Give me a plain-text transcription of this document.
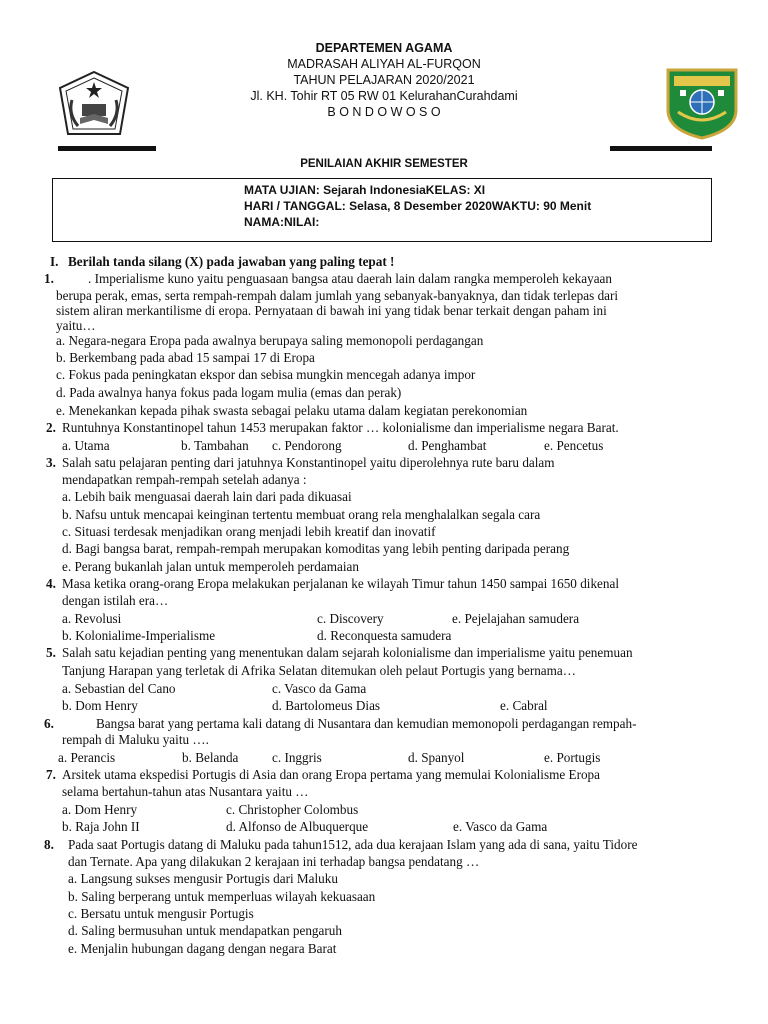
DEPARTEMEN AGAMA
MADRASAH ALIYAH AL-FURQON
TAHUN PELAJARAN 2020/2021
Jl. KH. Tohir RT 05 RW 01 KelurahanCurahdami
B O N D O W O S O
PENILAIAN AKHIR SEMESTER
MATA UJIAN: Sejarah IndonesiaKELAS: XI
HARI / TANGGAL: Selasa, 8 Desember 2020WAKTU: 90 Menit
NAMA:NILAI:
I. Berilah tanda silang (X) pada jawaban yang paling tepat !
1.	. Imperialisme kuno yaitu penguasaan bangsa atau daerah lain dalam rangka memperoleh kekayaan
berupa perak, emas, serta rempah-rempah dalam jumlah yang sebanyak-banyaknya, dan tidak terlepas dari
sistem aliran merkantilisme di eropa. Pernyataan di bawah ini yang tidak benar terkait dengan paham ini
yaitu…
a. Negara-negara Eropa pada awalnya berupaya saling memonopoli perdagangan
b. Berkembang pada abad 15 sampai 17 di Eropa
c. Fokus pada peningkatan ekspor dan sebisa mungkin mencegah adanya impor
d. Pada awalnya hanya fokus pada logam mulia (emas dan perak)
e. Menekankan kepada pihak swasta sebagai pelaku utama dalam kegiatan perekonomian
2. Runtuhnya Konstantinopel tahun 1453 merupakan faktor … kolonialisme dan imperialisme negara Barat.
a. Utama	b. Tambahan c. Pendorong	d. Penghambat	e. Pencetus
3. Salah satu pelajaran penting dari jatuhnya Konstantinopel yaitu diperolehnya rute baru dalam
mendapatkan rempah-rempah setelah adanya :
a. Lebih baik menguasai daerah lain dari pada dikuasai
b. Nafsu untuk mencapai keinginan tertentu membuat orang rela menghalalkan segala cara
c. Situasi terdesak menjadikan orang menjadi lebih kreatif dan inovatif
d. Bagi bangsa barat, rempah-rempah merupakan komoditas yang lebih penting daripada perang
e. Perang bukanlah jalan untuk memperoleh perdamaian
4. Masa ketika orang-orang Eropa melakukan perjalanan ke wilayah Timur tahun 1450 sampai 1650 dikenal
dengan istilah era…
a. Revolusi	c. Discovery	e. Pejelajahan samudera
b. Kolonialime-Imperialisme	d. Reconquesta samudera
5. Salah satu kejadian penting yang menentukan dalam sejarah kolonialisme dan imperialisme yaitu penemuan
Tanjung Harapan yang terletak di Afrika Selatan ditemukan oleh pelaut Portugis yang bernama…
a. Sebastian del Cano	c. Vasco da Gama
b. Dom Henry	d. Bartolomeus Dias	e. Cabral
6.	Bangsa barat yang pertama kali datang di Nusantara dan kemudian memonopoli perdagangan rempah-
rempah di Maluku yaitu ….
a. Perancis	b. Belanda	c. Inggris	d. Spanyol	e. Portugis
7. Arsitek utama ekspedisi Portugis di Asia dan orang Eropa pertama yang memulai Kolonialisme Eropa
selama bertahun-tahun atas Nusantara yaitu …
a. Dom Henry	c. Christopher Colombus
b. Raja John II	d. Alfonso de Albuquerque	e. Vasco da Gama
8. Pada saat Portugis datang di Maluku pada tahun1512, ada dua kerajaan Islam yang ada di sana, yaitu Tidore
dan Ternate. Apa yang dilakukan 2 kerajaan ini terhadap bangsa pendatang …
a. Langsung sukses mengusir Portugis dari Maluku
b. Saling berperang untuk memperluas wilayah kekuasaan
c. Bersatu untuk mengusir Portugis
d. Saling bermusuhan untuk mendapatkan pengaruh
e. Menjalin hubungan dagang dengan negara Barat
